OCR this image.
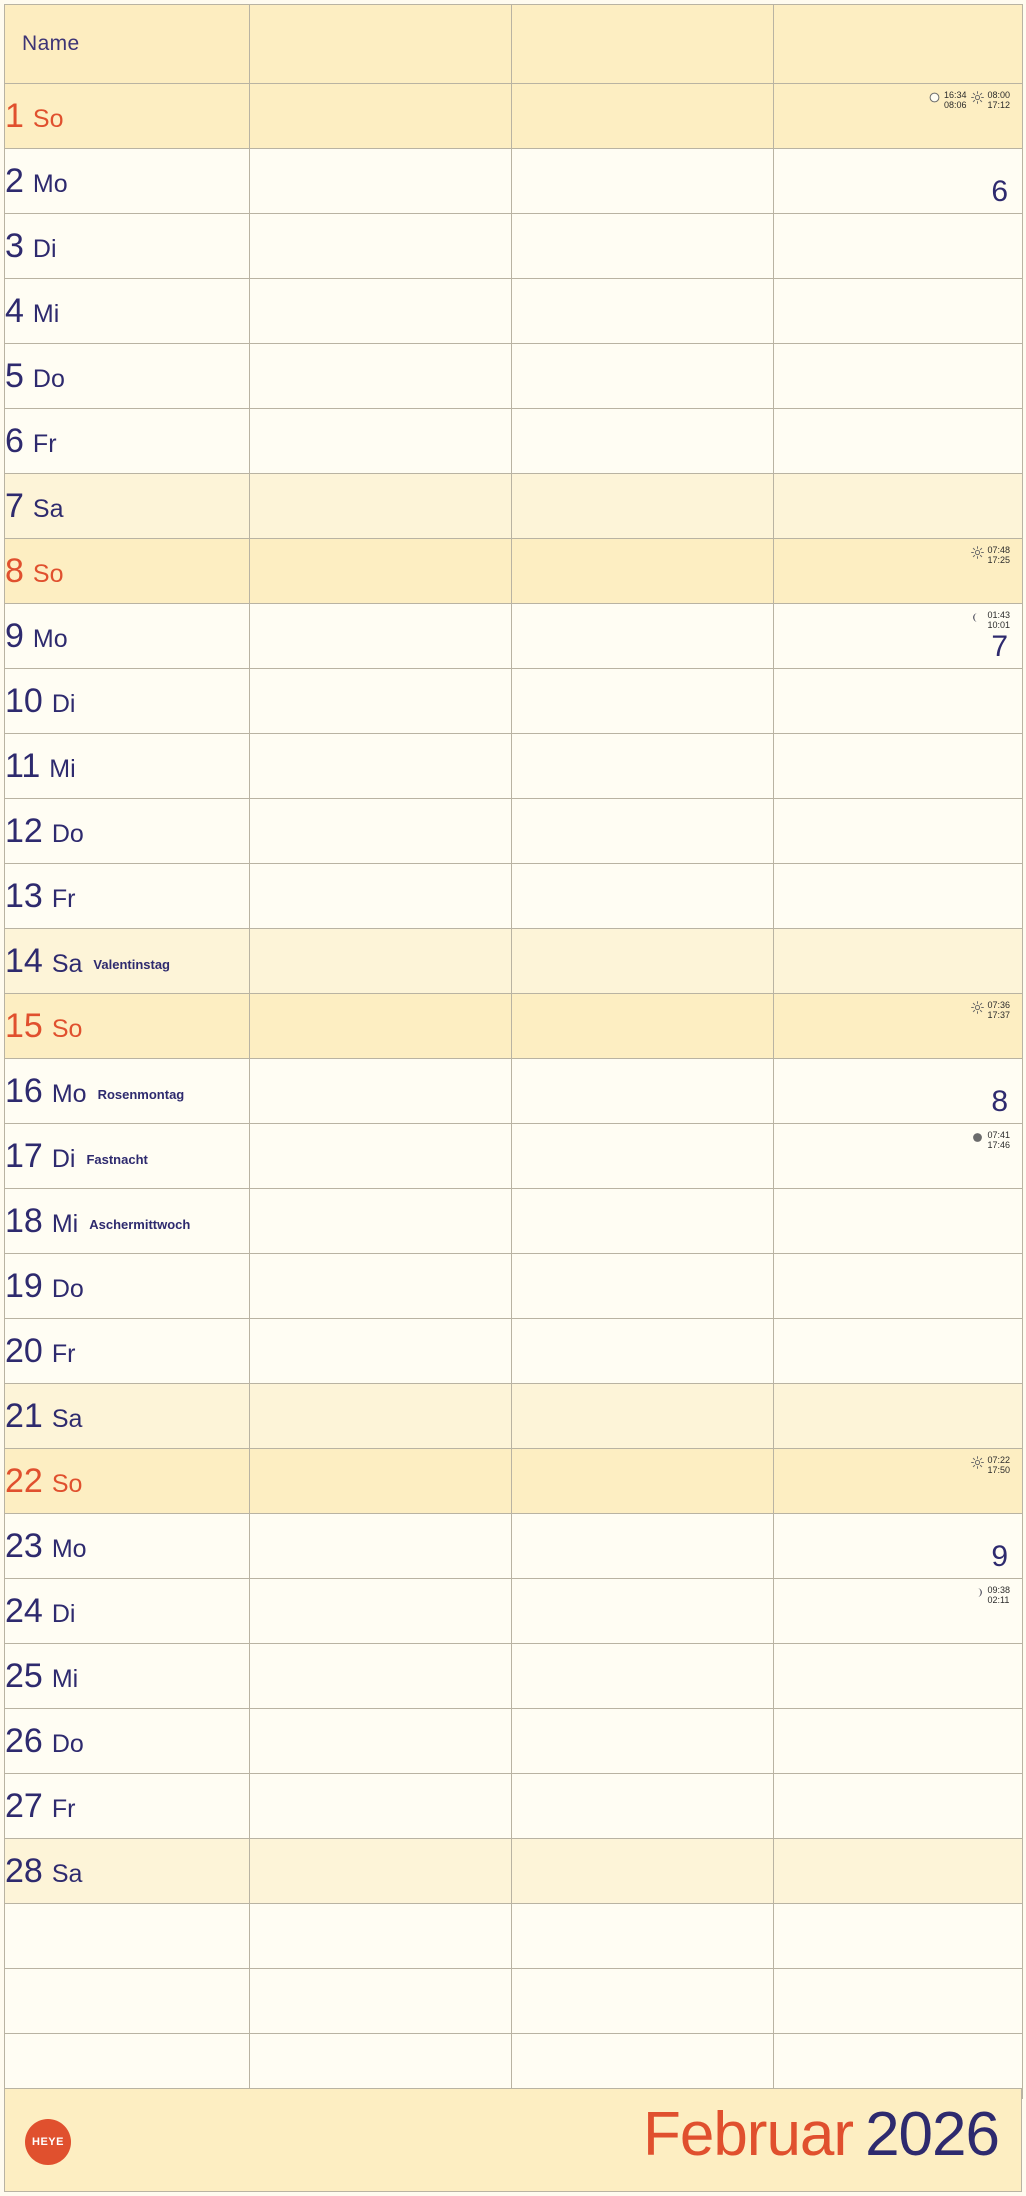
Name			

1 So			16:34
08:06
08:00
17:12

2 Mo			6

3 Di			
4 Mi			
5 Do			
6 Fr			
7 Sa			
8 So			07:48
17:25

9 Mo			01:43
10:01
7

10 Di			
11 Mi			
12 Do			
13 Fr			
14 Sa Valentinstag			
15 So			07:36
17:37

16 Mo Rosenmontag			8

17 Di Fastnacht			07:41
17:46

18 Mi Aschermittwoch			
19 Do			
20 Fr			
21 Sa			
22 So			07:22
17:50

23 Mo			9

24 Di			09:38
02:11

25 Mi			
26 Do			
27 Fr			
28 Sa			

HEYE	Februar 2026
